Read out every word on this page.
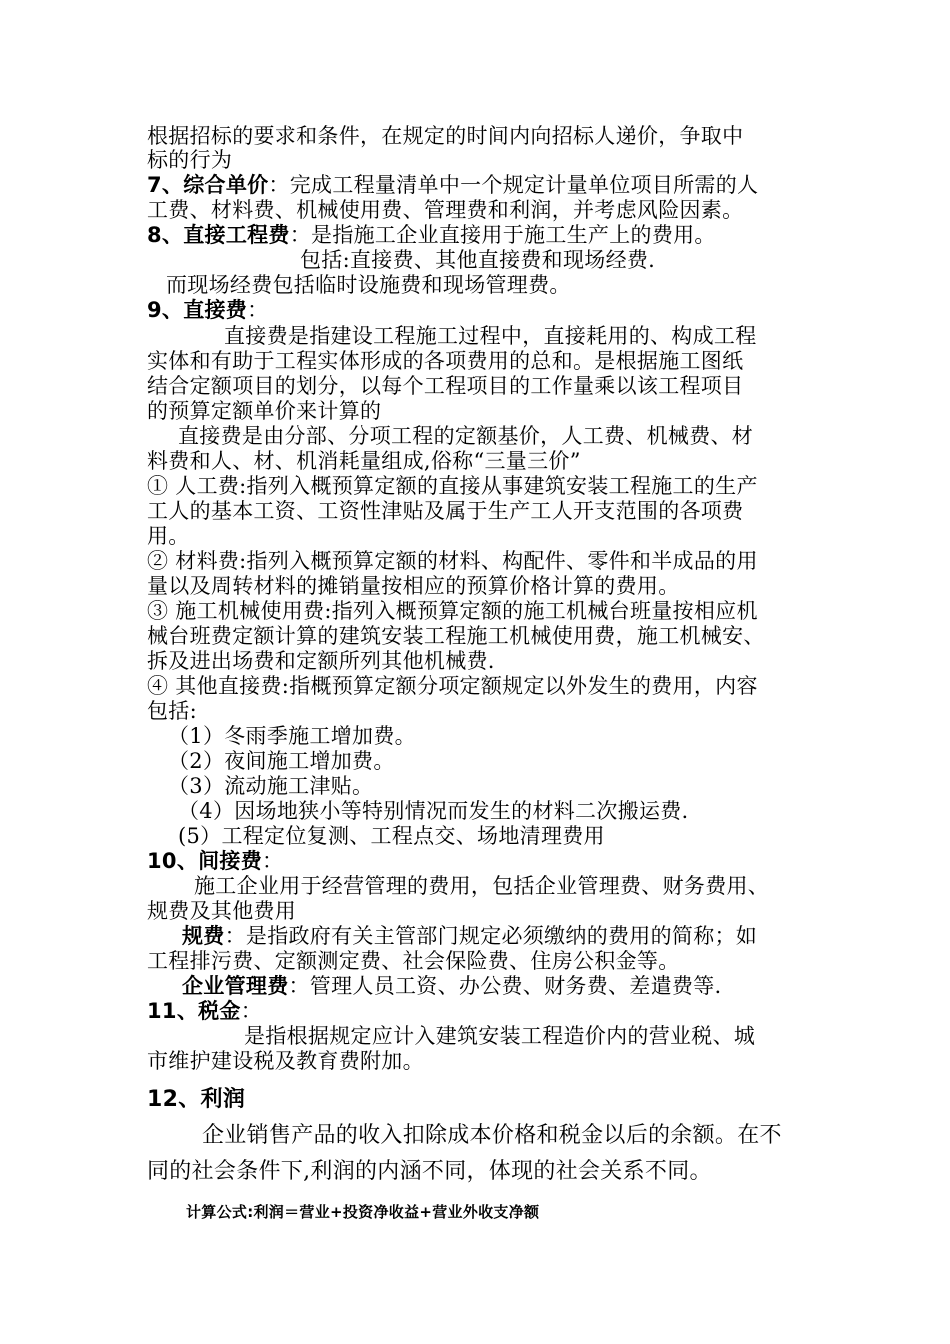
根据招标的要求和条件，在规定的时间内向招标人递价，争取中
标的行为
7、综合单价：完成工程量清单中一个规定计量单位项目所需的人
工费、材料费、机械使用费、管理费和利润，并考虑风险因素。
8、直接工程费：是指施工企业直接用于施工生产上的费用。
包括:直接费、其他直接费和现场经费.
而现场经费包括临时设施费和现场管理费。
9、直接费：
直接费是指建设工程施工过程中，直接耗用的、构成工程
实体和有助于工程实体形成的各项费用的总和。是根据施工图纸
结合定额项目的划分，以每个工程项目的工作量乘以该工程项目
的预算定额单价来计算的
直接费是由分部、分项工程的定额基价，人工费、机械费、材
料费和人、材、机消耗量组成,俗称“三量三价”
① 人工费:指列入概预算定额的直接从事建筑安装工程施工的生产
工人的基本工资、工资性津贴及属于生产工人开支范围的各项费
用。
② 材料费:指列入概预算定额的材料、构配件、零件和半成品的用
量以及周转材料的摊销量按相应的预算价格计算的费用。
③ 施工机械使用费:指列入概预算定额的施工机械台班量按相应机
械台班费定额计算的建筑安装工程施工机械使用费，施工机械安、
拆及进出场费和定额所列其他机械费.
④ 其他直接费:指概预算定额分项定额规定以外发生的费用，内容
包括:
（1）冬雨季施工增加费。
（2）夜间施工增加费。
（3）流动施工津贴。
（4）因场地狭小等特别情况而发生的材料二次搬运费.
(5）工程定位复测、工程点交、场地清理费用
10、间接费：
施工企业用于经营管理的费用，包括企业管理费、财务费用、
规费及其他费用
规费：是指政府有关主管部门规定必须缴纳的费用的简称；如
工程排污费、定额测定费、社会保险费、住房公积金等。
企业管理费：管理人员工资、办公费、财务费、差遣费等.
11、税金：
是指根据规定应计入建筑安装工程造价内的营业税、城
市维护建设税及教育费附加。
12、利润
企业销售产品的收入扣除成本价格和税金以后的余额。在不
同的社会条件下,利润的内涵不同，体现的社会关系不同。
计算公式:利润＝营业+投资净收益+营业外收支净额
